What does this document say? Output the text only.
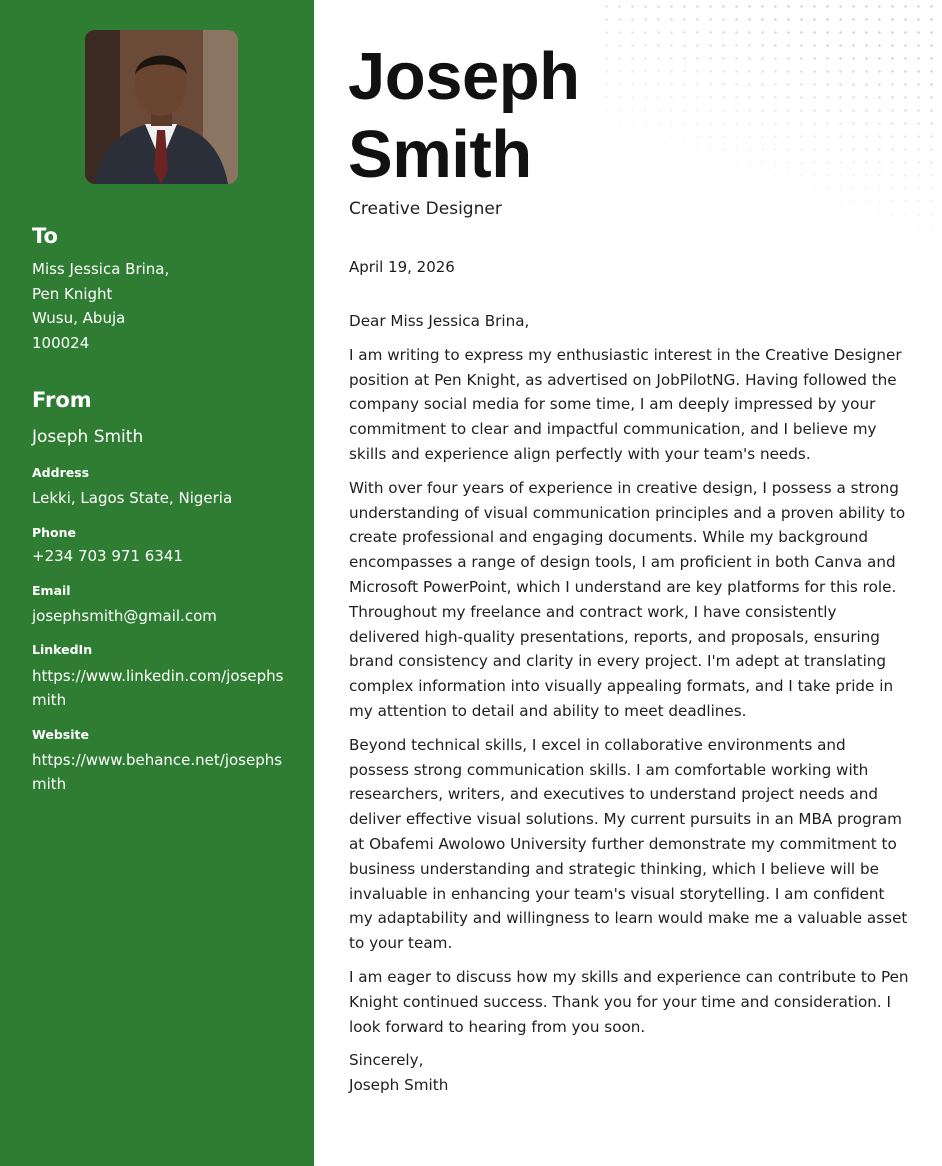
To
Miss Jessica Brina,
Pen Knight
Wusu, Abuja
100024
From
Joseph Smith
Address
Lekki, Lagos State, Nigeria
Phone
+234 703 971 6341
Email
josephsmith@gmail.com
LinkedIn
https://www.linkedin.com/josephsmith
Website
https://www.behance.net/josephsmith
Joseph
Smith
Creative Designer
April 19, 2026

Dear Miss Jessica Brina,

I am writing to express my enthusiastic interest in the Creative Designer position at Pen Knight, as advertised on JobPilotNG. Having followed the company social media for some time, I am deeply impressed by your commitment to clear and impactful communication, and I believe my skills and experience align perfectly with your team's needs.

With over four years of experience in creative design, I possess a strong understanding of visual communication principles and a proven ability to create professional and engaging documents. While my background encompasses a range of design tools, I am proficient in both Canva and Microsoft PowerPoint, which I understand are key platforms for this role. Throughout my freelance and contract work, I have consistently delivered high-quality presentations, reports, and proposals, ensuring brand consistency and clarity in every project. I'm adept at translating complex information into visually appealing formats, and I take pride in my attention to detail and ability to meet deadlines.

Beyond technical skills, I excel in collaborative environments and possess strong communication skills. I am comfortable working with researchers, writers, and executives to understand project needs and deliver effective visual solutions. My current pursuits in an MBA program at Obafemi Awolowo University further demonstrate my commitment to business understanding and strategic thinking, which I believe will be invaluable in enhancing your team's visual storytelling. I am confident my adaptability and willingness to learn would make me a valuable asset to your team.

I am eager to discuss how my skills and experience can contribute to Pen Knight continued success. Thank you for your time and consideration. I look forward to hearing from you soon.

Sincerely,

Joseph Smith
